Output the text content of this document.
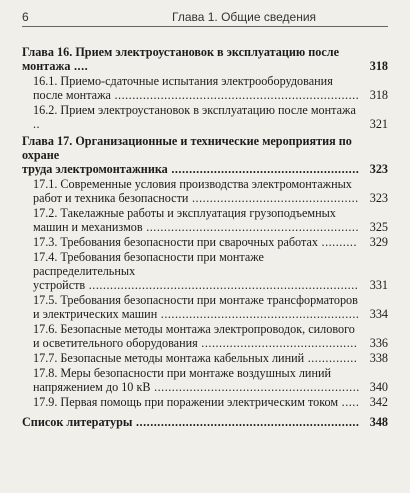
6	Глава 1. Общие сведения
Глава 16. Прием электроустановок в эксплуатацию после монтажа ....	318
16.1. Приемо-сдаточные испытания электрооборудования
после монтажа ..................................................................... 318
16.2. Прием электроустановок в эксплуатацию после монтажа ..	321
Глава 17. Организационные и технические мероприятия по охране
труда электромонтажника ..................................................... 323
17.1. Современные условия производства электромонтажных
работ и техника безопасности ............................................... 323
17.2. Такелажные работы и эксплуатация грузоподъемных
машин и механизмов ............................................................ 325
17.3. Требования безопасности при сварочных работах ..........	329
17.4. Требования безопасности при монтаже распределительных
устройств ............................................................................ 331
17.5. Требования безопасности при монтаже трансформаторов
и электрических машин ........................................................ 334
17.6. Безопасные методы монтажа электропроводок, силового
и осветительного оборудования ............................................	336
17.7. Безопасные методы монтажа кабельных линий ..............	338
17.8. Меры безопасности при монтаже воздушных линий
напряжением до 10 кВ .......................................................... 340
17.9. Первая помощь при поражении электрическим током ..... 342
Список литературы ............................................................... 348
